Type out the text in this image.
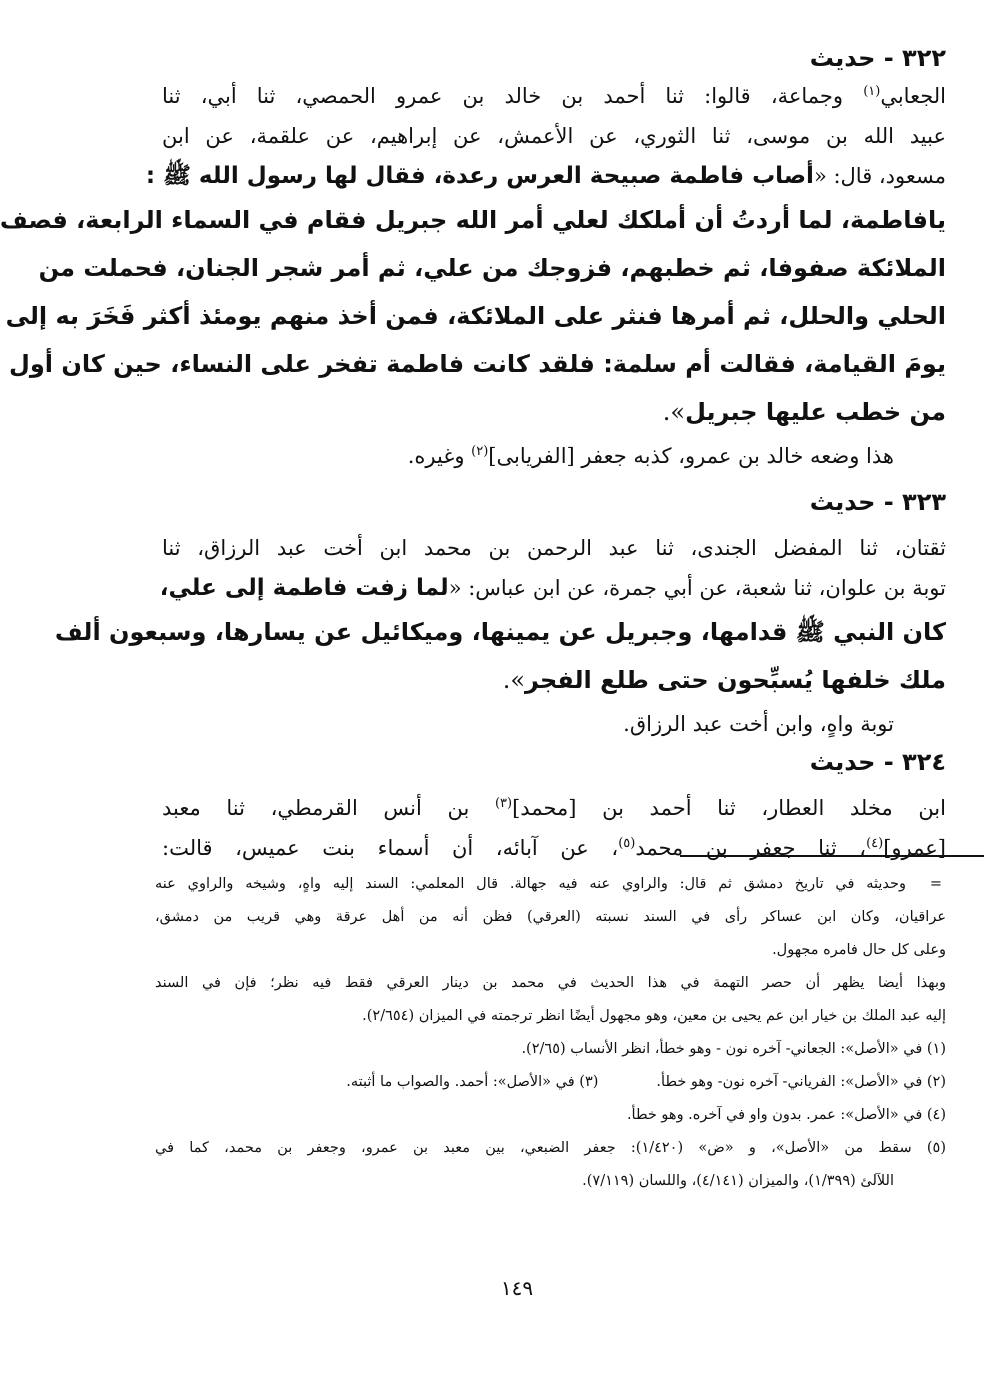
٣٢٢ - حديث
الجعابي$^{(١)}$ وجماعة، قالوا: ثنا أحمد بن خالد بن عمرو الحمصي، ثنا أبي، ثنا
عبيد الله بن موسى، ثنا الثوري، عن الأعمش، عن إبراهيم، عن علقمة، عن ابن
مسعود، قال: «أصاب فاطمة صبيحة العرس رعدة، فقال لها رسول الله ﷺ :
يافاطمة، لما أردتُ أن أملكك لعلي أمر الله جبريل فقام في السماء الرابعة، فصف
الملائكة صفوفا، ثم خطبهم، فزوجك من علي، ثم أمر شجر الجنان، فحملت من
الحلي والحلل، ثم أمرها فنثر على الملائكة، فمن أخذ منهم يومئذ أكثر فَخَرَ به إلى
يومَ القيامة، فقالت أم سلمة: فلقد كانت فاطمة تفخر على النساء، حين كان أول
من خطب عليها جبريل».
هذا وضعه خالد بن عمرو، كذبه جعفر [الفريابى]$^{(٢)}$ وغيره.
٣٢٣ - حديث
ثقتان، ثنا المفضل الجندى، ثنا عبد الرحمن بن محمد ابن أخت عبد الرزاق، ثنا
توبة بن علوان، ثنا شعبة، عن أبي جمرة، عن ابن عباس: «لما زفت فاطمة إلى علي،
كان النبي ﷺ قدامها، وجبريل عن يمينها، وميكائيل عن يسارها، وسبعون ألف
ملك خلفها يُسبِّحون حتى طلع الفجر».
توبة واهٍ، وابن أخت عبد الرزاق.
٣٢٤ - حديث
ابن مخلد العطار، ثنا أحمد بن [محمد]$^{(٣)}$ بن أنس القرمطي، ثنا معبد
[عمرو]$^{(٤)}$، ثنا جعفر بن محمد$^{(٥)}$، عن آبائه، أن أسماء بنت عميس، قالت:
=
وحديثه في تاريخ دمشق ثم قال: والراوي عنه فيه جهالة. قال المعلمي: السند إليه واهٍ، وشيخه والراوي عنه
عراقيان، وكان ابن عساكر رأى في السند نسبته (العرقي) فظن أنه من أهل عرقة وهي قريب من دمشق،
وعلى كل حال فامره مجهول.
وبهذا أيضا يظهر أن حصر التهمة في هذا الحديث في محمد بن دينار العرقي فقط فيه نظر؛ فإن في السند
إليه عبد الملك بن خيار ابن عم يحيى بن معين، وهو مجهول أيضًا انظر ترجمته في الميزان (٢/٦٥٤).
(١) في «الأصل»: الجعاني- آخره نون - وهو خطأ، انظر الأنساب (٢/٦٥).
(٢) في «الأصل»: الفرياني- آخره نون- وهو خطأ.
(٣) في «الأصل»: أحمد. والصواب ما أثبته.
(٤) في «الأصل»: عمر. بدون واو في آخره. وهو خطأ.
(٥) سقط من «الأصل»، و «ض» (١/٤٢٠): جعفر الضبعي، بين معبد بن عمرو، وجعفر بن محمد، كما في
اللآلئ (١/٣٩٩)، والميزان (٤/١٤١)، واللسان (٧/١١٩).
١٤٩
